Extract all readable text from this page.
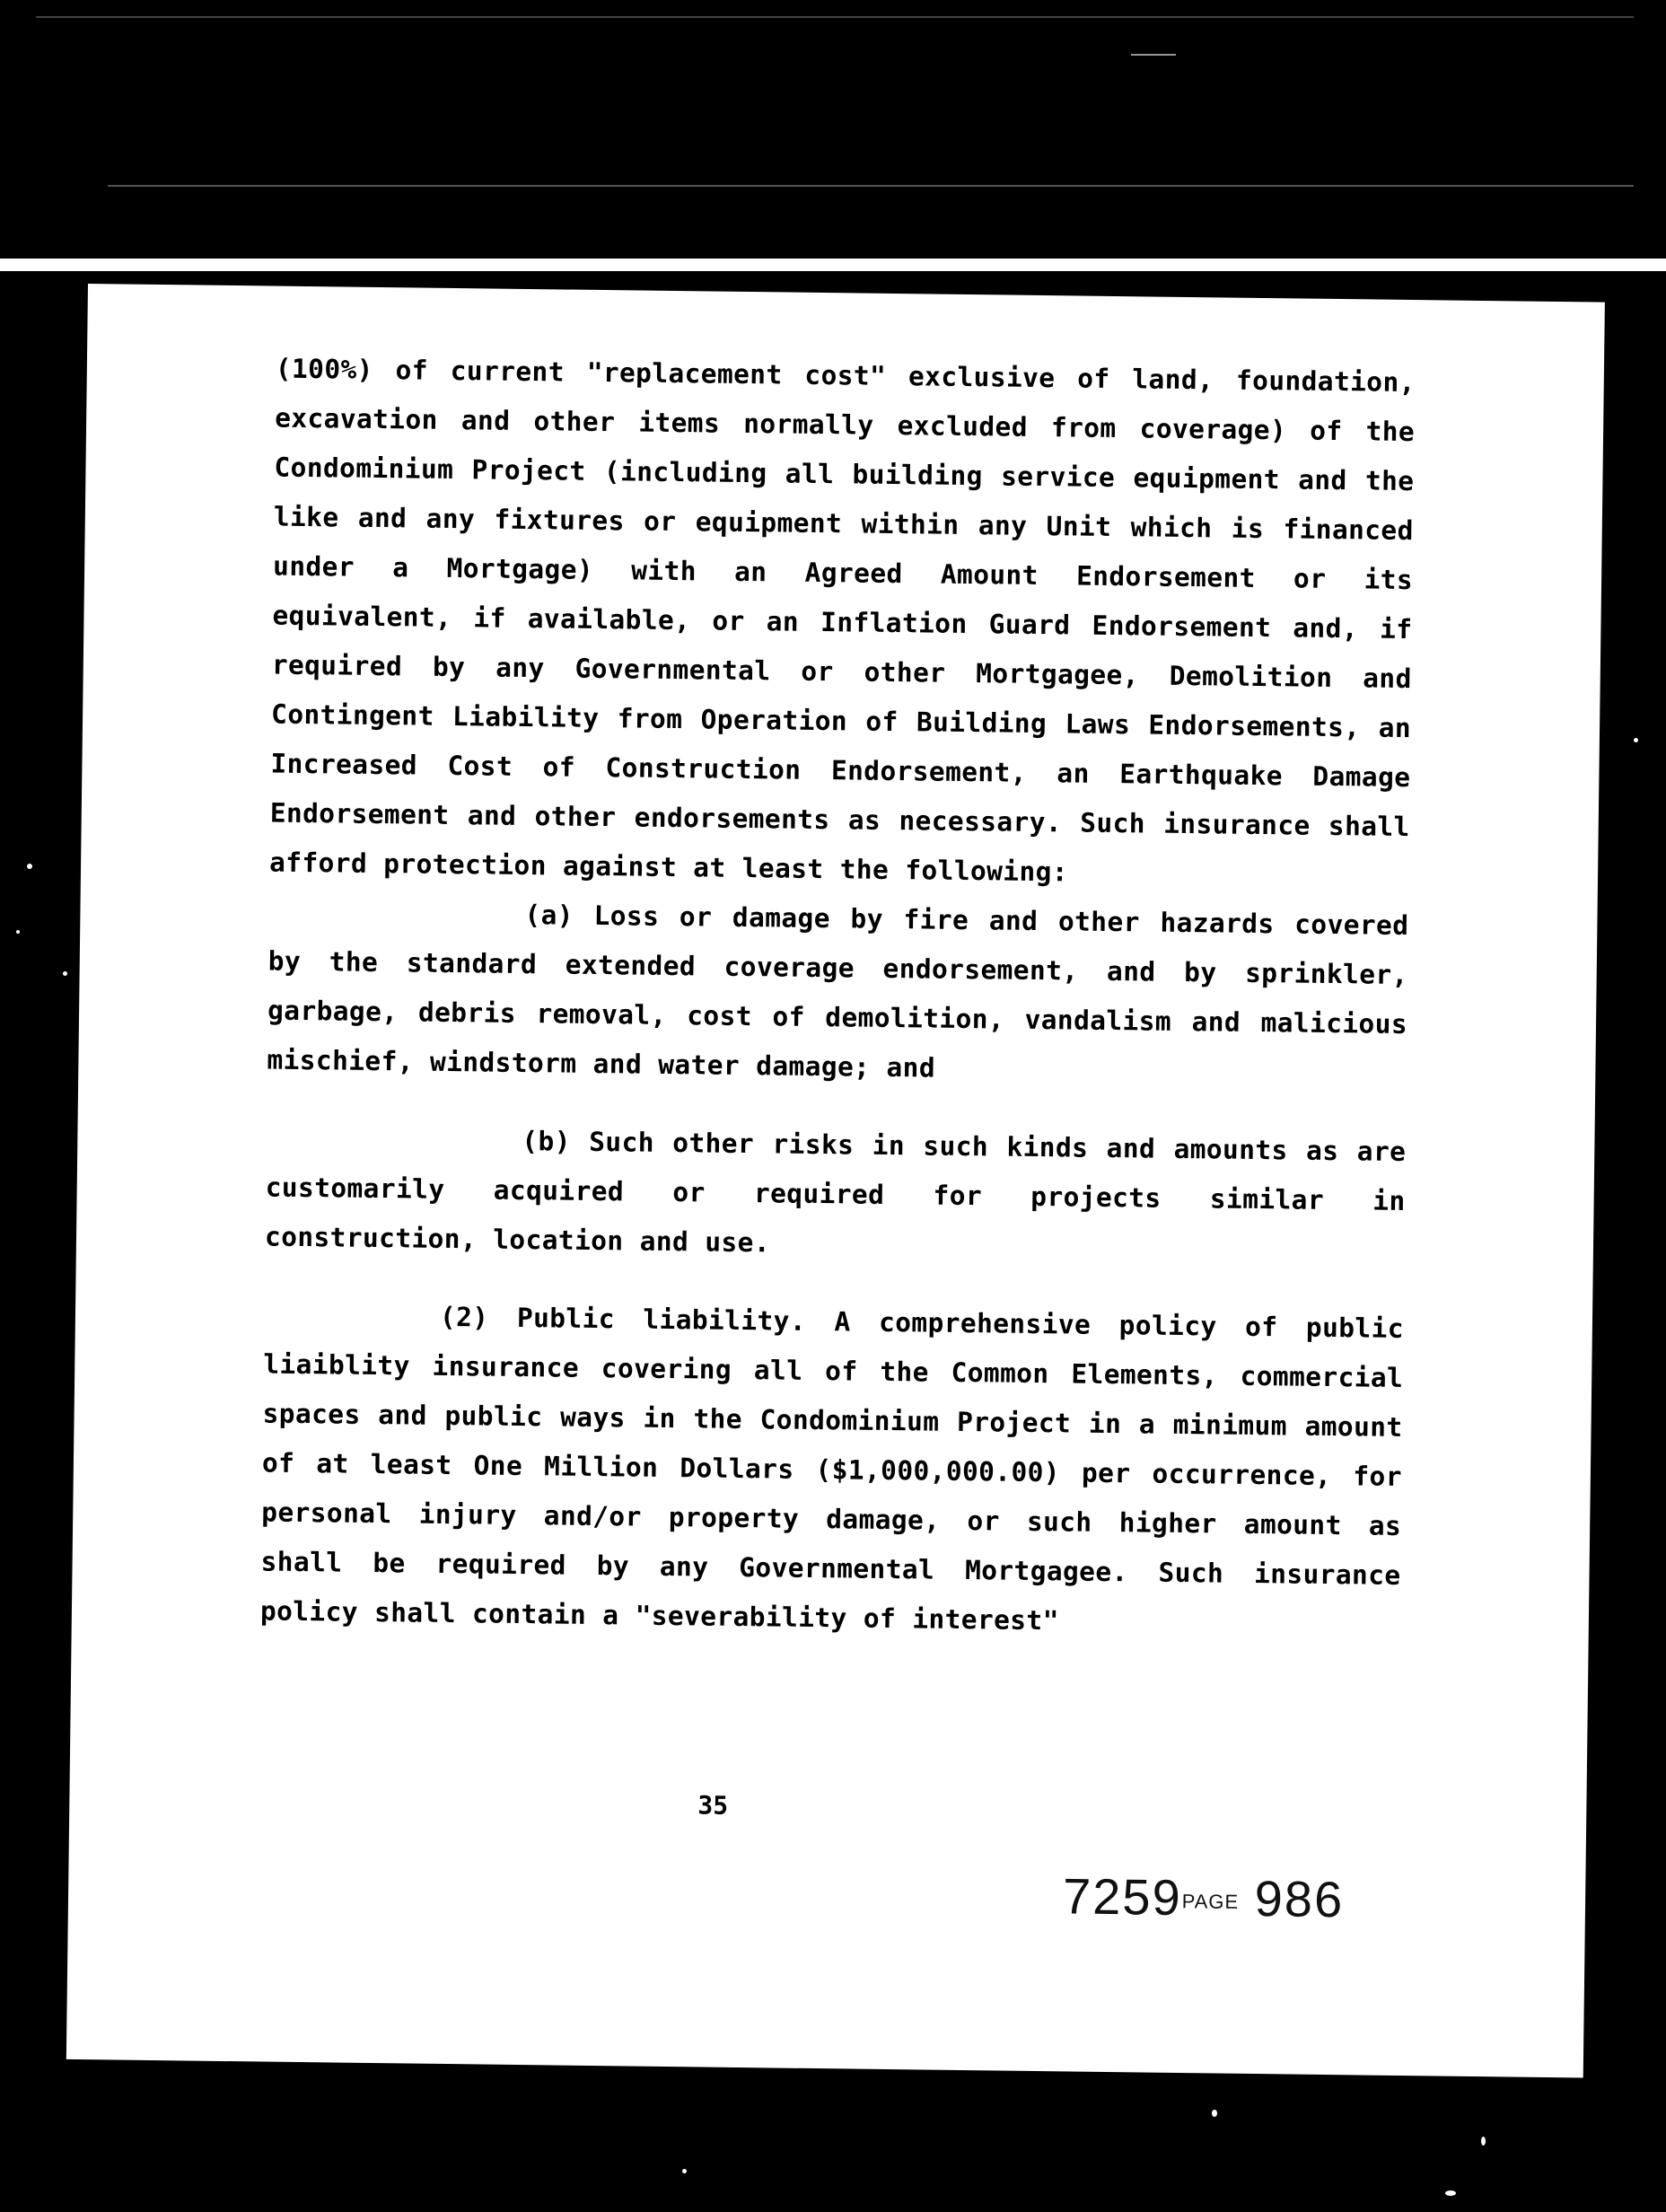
(100%) of current "replacement cost" exclusive of land, foundation, excavation and other items normally excluded from coverage) of the Condominium Project (including all building service equipment and the like and any fixtures or equipment within any Unit which is financed under a Mortgage) with an Agreed Amount Endorsement or its equivalent, if available, or an Inflation Guard Endorsement and, if required by any Governmental or other Mortgagee, Demolition and Contingent Liability from Operation of Building Laws Endorsements, an Increased Cost of Construction Endorsement, an Earthquake Damage Endorsement and other endorsements as necessary. Such insurance shall afford protection against at least the following:

(a) Loss or damage by fire and other hazards covered by the standard extended coverage endorsement, and by sprinkler, garbage, debris removal, cost of demolition, vandalism and malicious mischief, windstorm and water damage; and

(b) Such other risks in such kinds and amounts as are customarily acquired or required for projects similar in construction, location and use.

(2) Public liability. A comprehensive policy of public liaiblity insurance covering all of the Common Elements, commercial spaces and public ways in the Condominium Project in a minimum amount of at least One Million Dollars ($1,000,000.00) per occurrence, for personal injury and/or property damage, or such higher amount as shall be required by any Governmental Mortgagee. Such insurance policy shall contain a "severability of interest"

35
7259PAGE 986
(
(
